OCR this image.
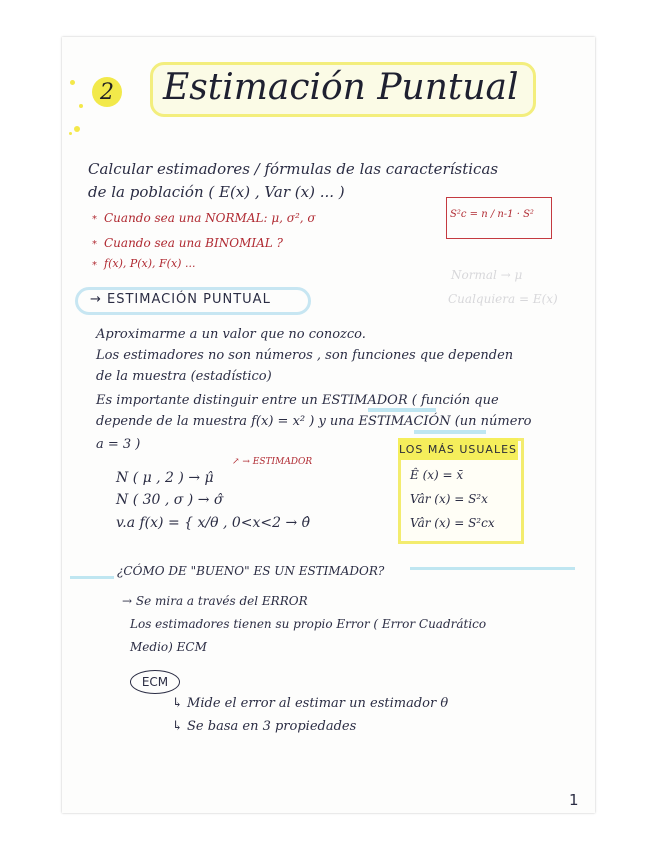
2	Estimación Puntual
Calcular estimadores / fórmulas de las características
de la población ( E(x) , Var (x) ... )
* Cuando sea una NORMAL: μ, σ², σ
* Cuando sea una BINOMIAL ?
* f(x), P(x), F(x) ...
S²c = n / n-1 · S²
Normal → μ
Cualquiera = E(x)
→ ESTIMACIÓN PUNTUAL
Aproximarme a un valor que no conozco.
Los estimadores no son números , son funciones que dependen
de la muestra (estadístico)
Es importante distinguir entre un ESTIMADOR ( función que
depende de la muestra f(x) = x² ) y una ESTIMACIÓN (un número
a = 3 )
↗ → ESTIMADOR
N ( μ , 2 ) → μ̂
N ( 30 , σ ) → σ̂
v.a f(x) = { x/θ , 0<x<2 → θ̂
LOS MÁS USUALES
Ê (x) = x̄
Vâr (x) = S²x
Vâr (x) = S²cx
¿CÓMO DE "BUENO" ES UN ESTIMADOR?
→ Se mira a través del ERROR
Los estimadores tienen su propio Error ( Error Cuadrático
Medio) ECM
ECM
↳ Mide el error al estimar un estimador θ
↳ Se basa en 3 propiedades
1
